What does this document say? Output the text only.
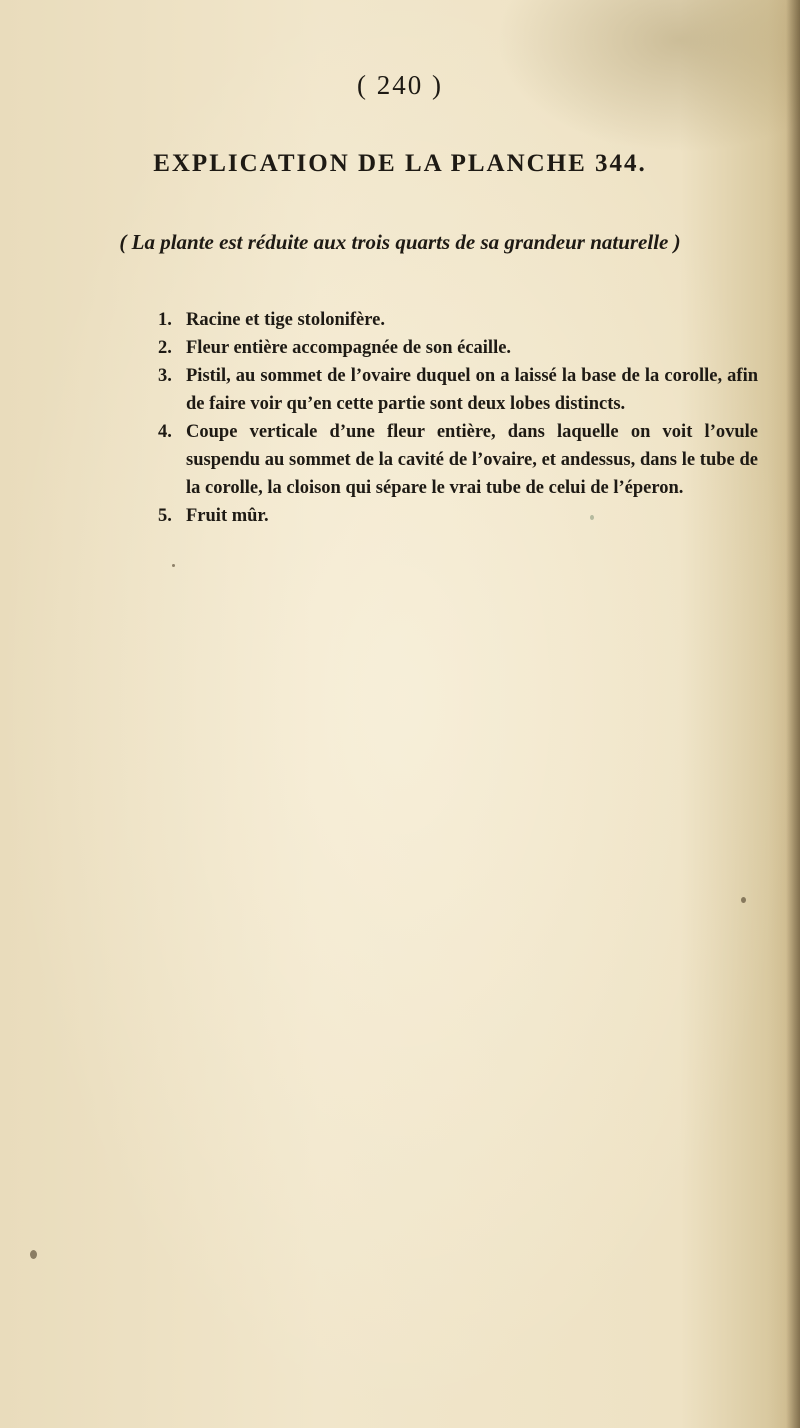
( 240 )
EXPLICATION DE LA PLANCHE 344.
( La plante est réduite aux trois quarts de sa grandeur naturelle )
1. Racine et tige stolonifère.
2. Fleur entière accompagnée de son écaille.
3. Pistil, au sommet de l’ovaire duquel on a laissé la base de la corolle, afin de faire voir qu’en cette partie sont deux lobes distincts.
4. Coupe verticale d’une fleur entière, dans laquelle on voit l’ovule suspendu au sommet de la cavité de l’ovaire, et andessus, dans le tube de la corolle, la cloison qui sépare le vrai tube de celui de l’éperon.
5. Fruit mûr.
